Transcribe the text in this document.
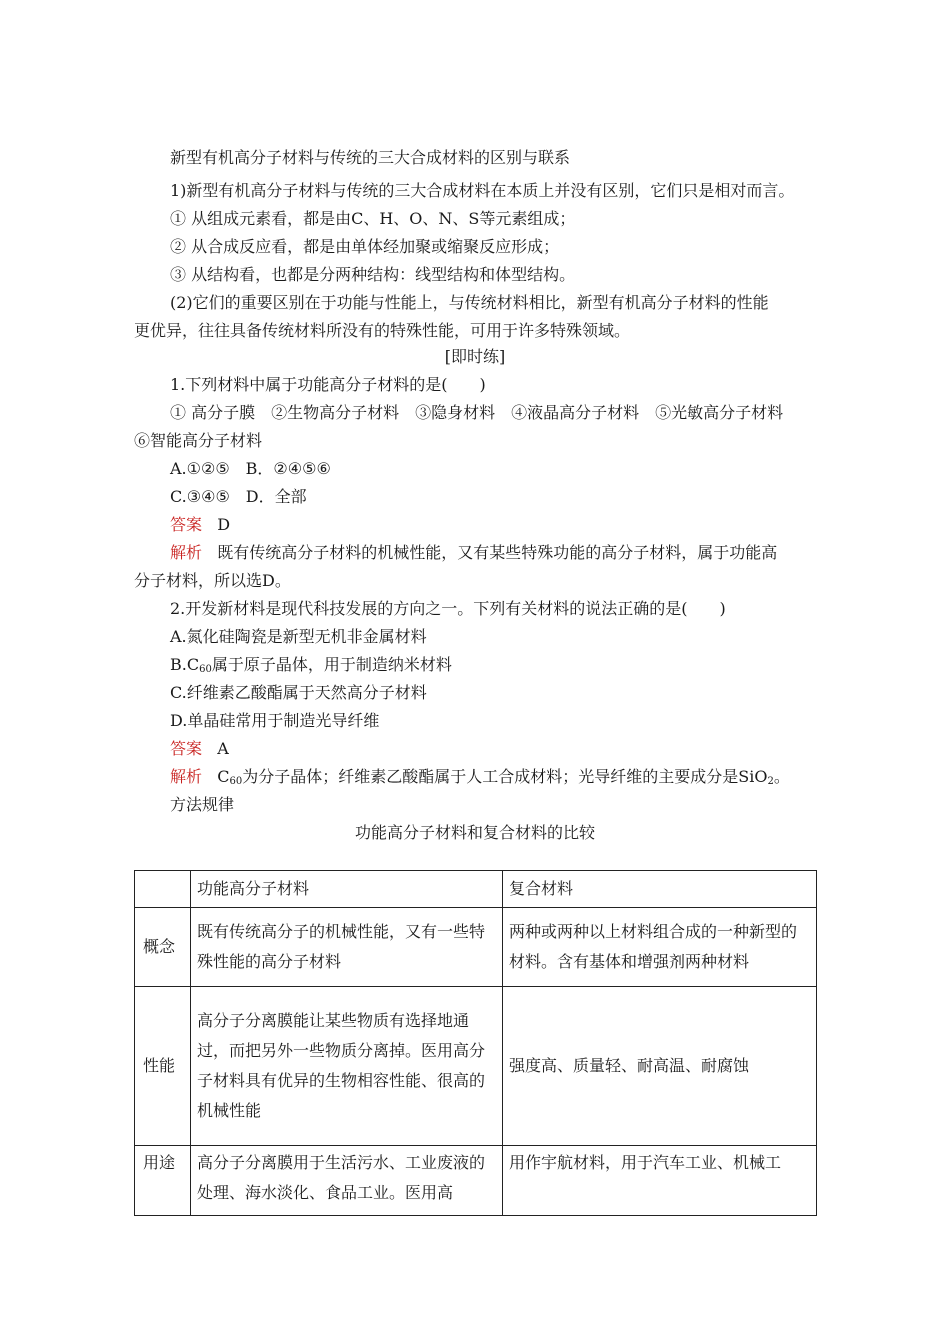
新型有机高分子材料与传统的三大合成材料的区别与联系
1)新型有机高分子材料与传统的三大合成材料在本质上并没有区别，它们只是相对而言。
① 从组成元素看，都是由C、H、O、N、S等元素组成；
② 从合成反应看，都是由单体经加聚或缩聚反应形成；
③ 从结构看，也都是分两种结构：线型结构和体型结构。
(2)它们的重要区别在于功能与性能上，与传统材料相比，新型有机高分子材料的性能
更优异，往往具备传统材料所没有的特殊性能，可用于许多特殊领域。
[即时练]
1.下列材料中属于功能高分子材料的是(　　)
① 高分子膜　②生物高分子材料　③隐身材料　④液晶高分子材料　⑤光敏高分子材料
⑥智能高分子材料
A.①②⑤　B．②④⑤⑥
C.③④⑤　D．全部
答案 D
解析 既有传统高分子材料的机械性能，又有某些特殊功能的高分子材料，属于功能高
分子材料，所以选D。
2.开发新材料是现代科技发展的方向之一。下列有关材料的说法正确的是(　　)
A.氮化硅陶瓷是新型无机非金属材料
$B.C_{60}$属于原子晶体，用于制造纳米材料
C.纤维素乙酸酯属于天然高分子材料
D.单晶硅常用于制造光导纤维
答案 A
解析 $C_{60}$为分子晶体；纤维素乙酸酯属于人工合成材料；光导纤维的主要成分是SiO$_2$。
方法规律
功能高分子材料和复合材料的比较
	功能高分子材料	复合材料
概念	既有传统高分子的机械性能，又有一些特殊性能的高分子材料	两种或两种以上材料组合成的一种新型的材料。含有基体和增强剂两种材料
性能	高分子分离膜能让某些物质有选择地通过，而把另外一些物质分离掉。医用高分子材料具有优异的生物相容性能、很高的机械性能	强度高、质量轻、耐高温、耐腐蚀
用途	高分子分离膜用于生活污水、工业废液的处理、海水淡化、食品工业。医用高	用作宇航材料，用于汽车工业、机械工
